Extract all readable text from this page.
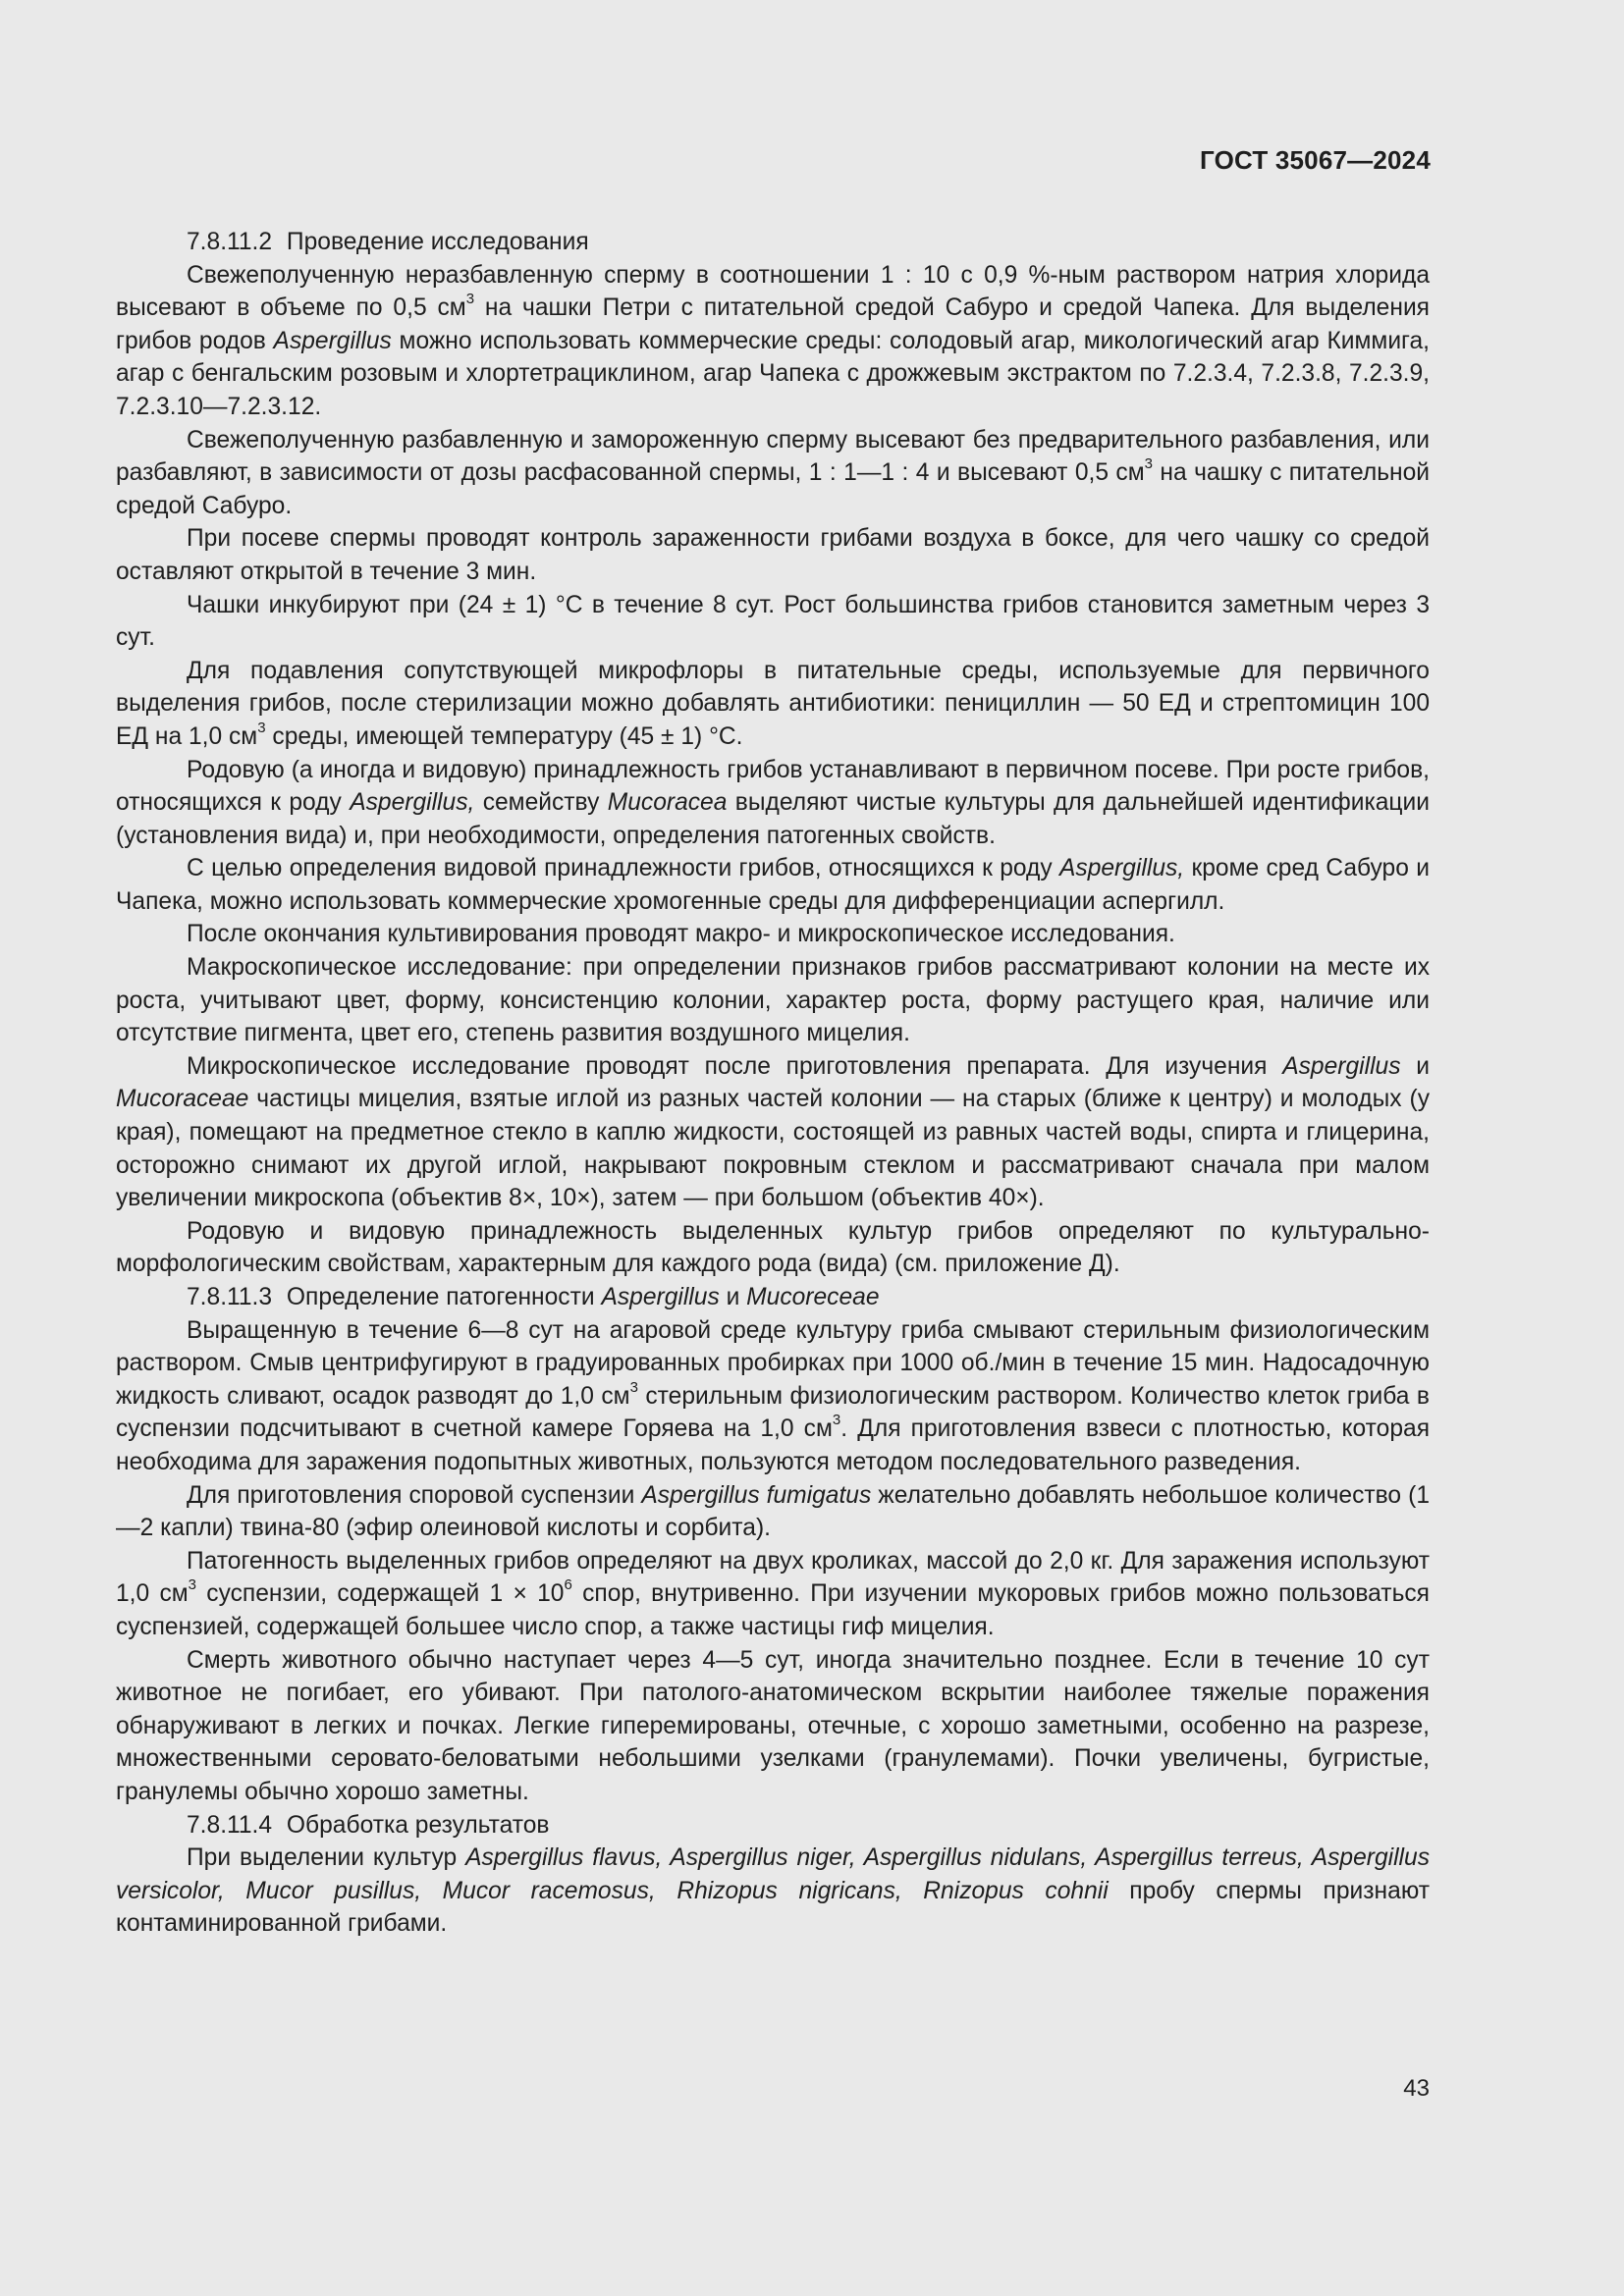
ГОСТ 35067—2024

7.8.11.2 Проведение исследования

Свежеполученную неразбавленную сперму в соотношении 1 : 10 с 0,9 %-ным раствором натрия хлорида высевают в объеме по 0,5 $см^3$ на чашки Петри с питательной средой Сабуро и средой Чапека. Для выделения грибов родов Aspergillus можно использовать коммерческие среды: солодовый агар, микологический агар Киммига, агар с бенгальским розовым и хлортетрациклином, агар Чапека с дрожжевым экстрактом по 7.2.3.4, 7.2.3.8, 7.2.3.9, 7.2.3.10—7.2.3.12.

Свежеполученную разбавленную и замороженную сперму высевают без предварительного разбавления, или разбавляют, в зависимости от дозы расфасованной спермы, 1 : 1—1 : 4 и высевают 0,5 $см^3$ на чашку с питательной средой Сабуро.

При посеве спермы проводят контроль зараженности грибами воздуха в боксе, для чего чашку со средой оставляют открытой в течение 3 мин.

Чашки инкубируют при (24 ± 1) °С в течение 8 сут. Рост большинства грибов становится заметным через 3 сут.

Для подавления сопутствующей микрофлоры в питательные среды, используемые для первичного выделения грибов, после стерилизации можно добавлять антибиотики: пенициллин — 50 ЕД и стрептомицин 100 ЕД на 1,0 $см^3$ среды, имеющей температуру (45 ± 1) °С.

Родовую (а иногда и видовую) принадлежность грибов устанавливают в первичном посеве. При росте грибов, относящихся к роду Aspergillus, семейству Mucoracea выделяют чистые культуры для дальнейшей идентификации (установления вида) и, при необходимости, определения патогенных свойств.

С целью определения видовой принадлежности грибов, относящихся к роду Aspergillus, кроме сред Сабуро и Чапека, можно использовать коммерческие хромогенные среды для дифференциации аспергилл.

После окончания культивирования проводят макро- и микроскопическое исследования.

Макроскопическое исследование: при определении признаков грибов рассматривают колонии на месте их роста, учитывают цвет, форму, консистенцию колонии, характер роста, форму растущего края, наличие или отсутствие пигмента, цвет его, степень развития воздушного мицелия.

Микроскопическое исследование проводят после приготовления препарата. Для изучения Aspergillus и Mucoraceae частицы мицелия, взятые иглой из разных частей колонии — на старых (ближе к центру) и молодых (у края), помещают на предметное стекло в каплю жидкости, состоящей из равных частей воды, спирта и глицерина, осторожно снимают их другой иглой, накрывают покровным стеклом и рассматривают сначала при малом увеличении микроскопа (объектив 8×, 10×), затем — при большом (объектив 40×).

Родовую и видовую принадлежность выделенных культур грибов определяют по культурально-морфологическим свойствам, характерным для каждого рода (вида) (см. приложение Д).

7.8.11.3 Определение патогенности Aspergillus и Mucoreceae

Выращенную в течение 6—8 сут на агаровой среде культуру гриба смывают стерильным физиологическим раствором. Смыв центрифугируют в градуированных пробирках при 1000 об./мин в течение 15 мин. Надосадочную жидкость сливают, осадок разводят до 1,0 $см^3$ стерильным физиологическим раствором. Количество клеток гриба в суспензии подсчитывают в счетной камере Горяева на 1,0 $см^3$. Для приготовления взвеси с плотностью, которая необходима для заражения подопытных животных, пользуются методом последовательного разведения.

Для приготовления споровой суспензии Aspergillus fumigatus желательно добавлять небольшое количество (1—2 капли) твина-80 (эфир олеиновой кислоты и сорбита).

Патогенность выделенных грибов определяют на двух кроликах, массой до 2,0 кг. Для заражения используют 1,0 $см^3$ суспензии, содержащей $1 \times 10^6$ спор, внутривенно. При изучении мукоровых грибов можно пользоваться суспензией, содержащей большее число спор, а также частицы гиф мицелия.

Смерть животного обычно наступает через 4—5 сут, иногда значительно позднее. Если в течение 10 сут животное не погибает, его убивают. При патолого-анатомическом вскрытии наиболее тяжелые поражения обнаруживают в легких и почках. Легкие гиперемированы, отечные, с хорошо заметными, особенно на разрезе, множественными серовато-беловатыми небольшими узелками (гранулемами). Почки увеличены, бугристые, гранулемы обычно хорошо заметны.

7.8.11.4 Обработка результатов

При выделении культур Aspergillus flavus, Aspergillus niger, Aspergillus nidulans, Aspergillus terreus, Aspergillus versicolor, Mucor pusillus, Mucor racemosus, Rhizopus nigricans, Rnizopus cohnii пробу спермы признают контаминированной грибами.

43
